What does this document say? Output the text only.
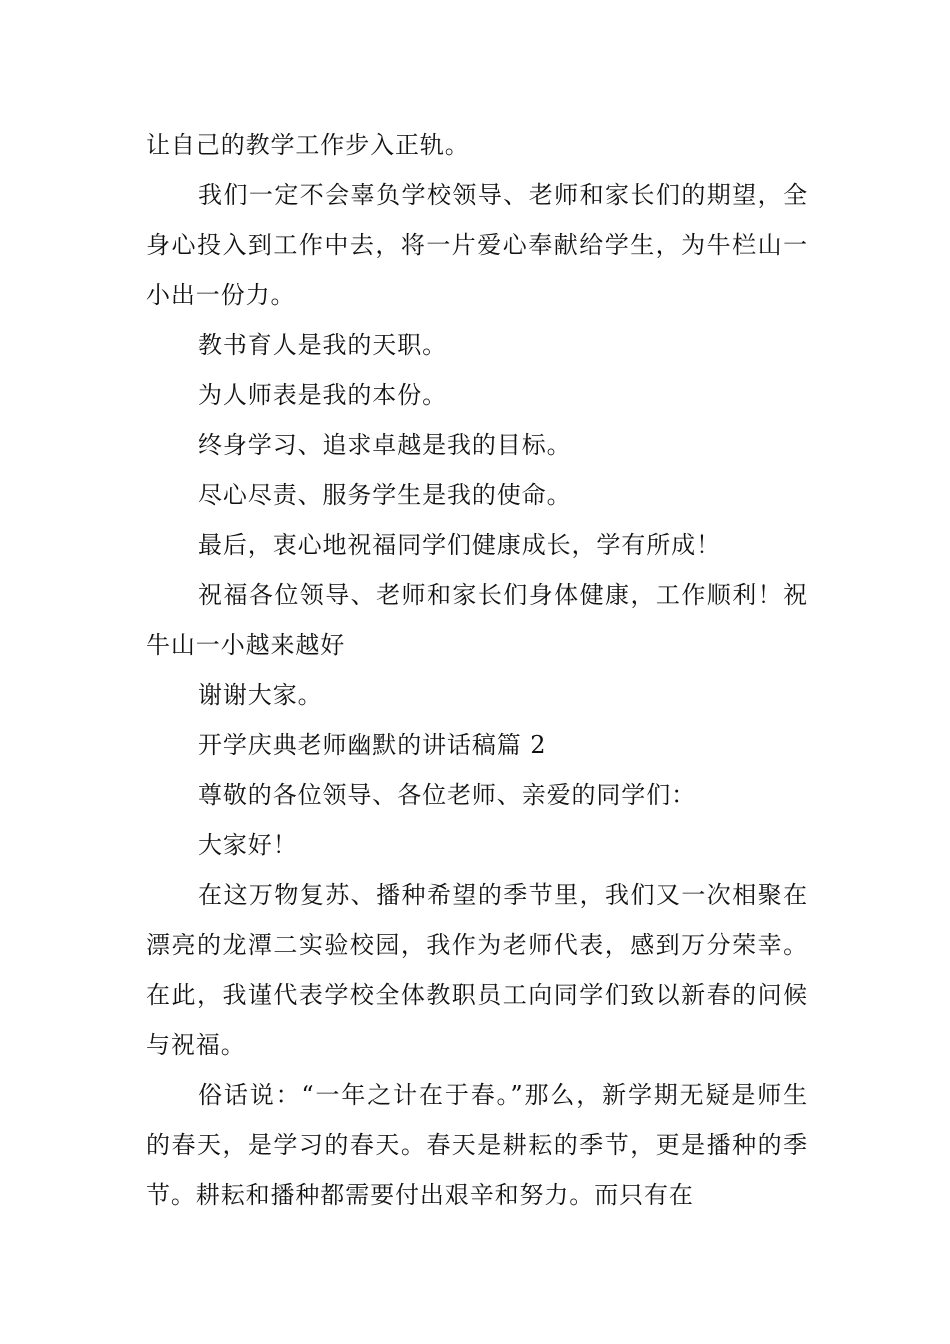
让自己的教学工作步入正轨。

我们一定不会辜负学校领导、老师和家长们的期望，全身心投入到工作中去，将一片爱心奉献给学生，为牛栏山一小出一份力。

教书育人是我的天职。

为人师表是我的本份。

终身学习、追求卓越是我的目标。

尽心尽责、服务学生是我的使命。

最后，衷心地祝福同学们健康成长，学有所成！

祝福各位领导、老师和家长们身体健康，工作顺利！祝牛山一小越来越好

谢谢大家。

开学庆典老师幽默的讲话稿篇 2

尊敬的各位领导、各位老师、亲爱的同学们：

大家好！

在这万物复苏、播种希望的季节里，我们又一次相聚在漂亮的龙潭二实验校园，我作为老师代表，感到万分荣幸。在此，我谨代表学校全体教职员工向同学们致以新春的问候与祝福。

俗话说：“一年之计在于春。”那么，新学期无疑是师生的春天，是学习的春天。春天是耕耘的季节，更是播种的季节。耕耘和播种都需要付出艰辛和努力。而只有在
